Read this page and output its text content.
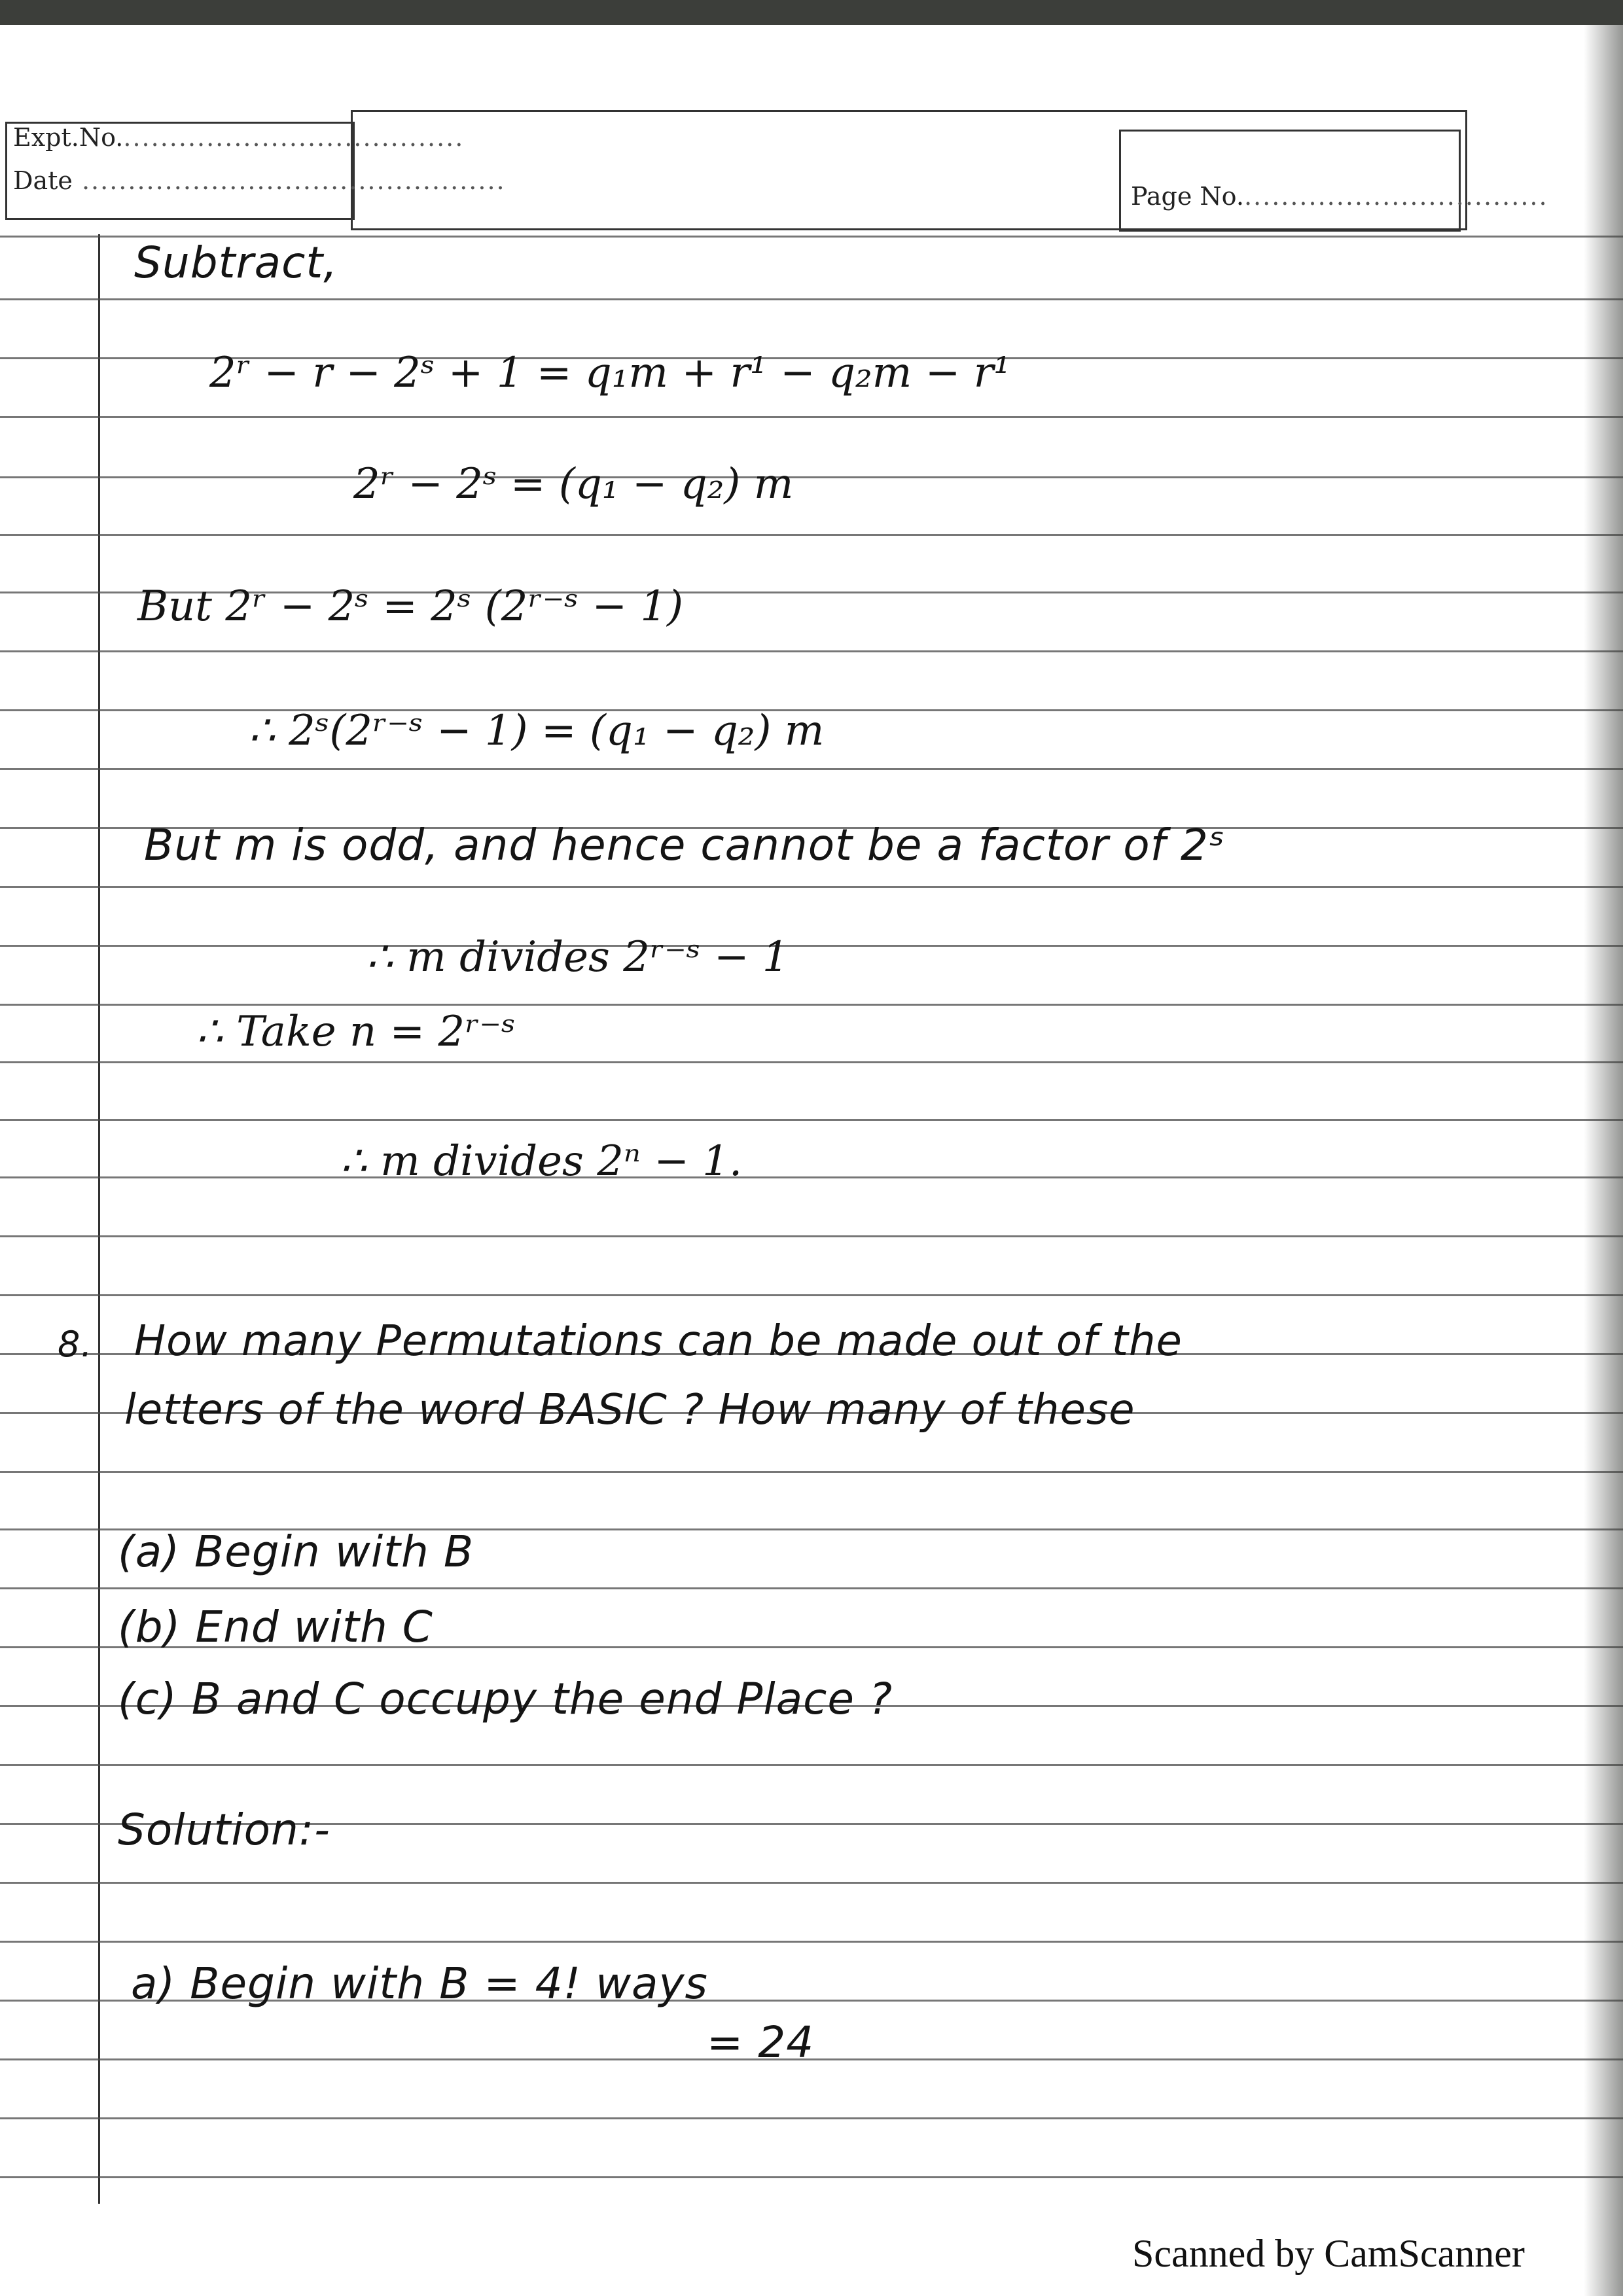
Expt.No......................................
Date ..............................................
Page No..................................
Subtract,
2ʳ − r − 2ˢ + 1 = q₁m + r¹ − q₂m − r¹
2ʳ − 2ˢ = (q₁ − q₂) m
But 2ʳ − 2ˢ = 2ˢ (2ʳ⁻ˢ − 1)
∴ 2ˢ(2ʳ⁻ˢ − 1) = (q₁ − q₂) m
But m is odd, and hence cannot be a factor of 2ˢ
∴ m divides 2ʳ⁻ˢ − 1
∴ Take n = 2ʳ⁻ˢ
∴ m divides 2ⁿ − 1.
8. How many Permutations can be made out of the
letters of the word BASIC ? How many of these
(a) Begin with B
(b) End with C
(c) B and C occupy the end Place ?
Solution:-
a) Begin with B = 4! ways
= 24
Scanned by CamScanner
